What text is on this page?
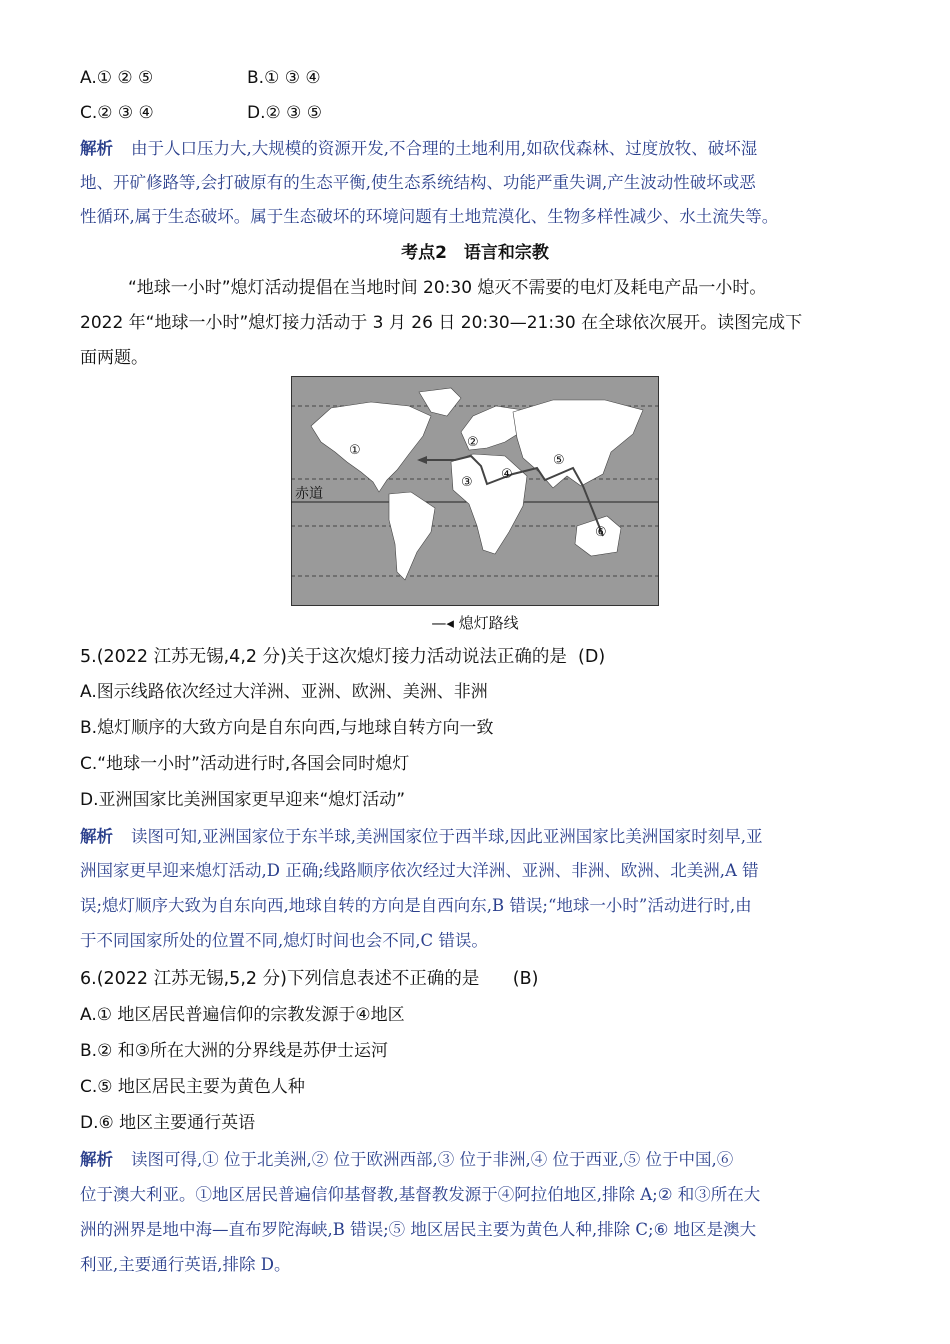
A.① ② ⑤	B.① ③ ④
C.② ③ ④	D.② ③ ⑤
解析 由于人口压力大,大规模的资源开发,不合理的土地利用,如砍伐森林、过度放牧、破坏湿
地、开矿修路等,会打破原有的生态平衡,使生态系统结构、功能严重失调,产生波动性破坏或恶
性循环,属于生态破坏。属于生态破坏的环境问题有土地荒漠化、生物多样性减少、水土流失等。
考点2　语言和宗教
“地球一小时”熄灯活动提倡在当地时间 20:30 熄灭不需要的电灯及耗电产品一小时。
2022 年“地球一小时”熄灯接力活动于 3 月 26 日 20:30—21:30 在全球依次展开。读图完成下
面两题。
①
②
③
④
⑤
⑥
赤道
—◂ 熄灯路线
5.(2022 江苏无锡,4,2 分)关于这次熄灯接力活动说法正确的是 (D)
A.图示线路依次经过大洋洲、亚洲、欧洲、美洲、非洲
B.熄灯顺序的大致方向是自东向西,与地球自转方向一致
C.“地球一小时”活动进行时,各国会同时熄灯
D.亚洲国家比美洲国家更早迎来“熄灯活动”
解析 读图可知,亚洲国家位于东半球,美洲国家位于西半球,因此亚洲国家比美洲国家时刻早,亚
洲国家更早迎来熄灯活动,D 正确;线路顺序依次经过大洋洲、亚洲、非洲、欧洲、北美洲,A 错
误;熄灯顺序大致为自东向西,地球自转的方向是自西向东,B 错误;“地球一小时”活动进行时,由
于不同国家所处的位置不同,熄灯时间也会不同,C 错误。
6.(2022 江苏无锡,5,2 分)下列信息表述不正确的是 (B)
A.① 地区居民普遍信仰的宗教发源于④地区
B.② 和③所在大洲的分界线是苏伊士运河
C.⑤ 地区居民主要为黄色人种
D.⑥ 地区主要通行英语
解析 读图可得,① 位于北美洲,② 位于欧洲西部,③ 位于非洲,④ 位于西亚,⑤ 位于中国,⑥
位于澳大利亚。①地区居民普遍信仰基督教,基督教发源于④阿拉伯地区,排除 A;② 和③所在大
洲的洲界是地中海—直布罗陀海峡,B 错误;⑤ 地区居民主要为黄色人种,排除 C;⑥ 地区是澳大
利亚,主要通行英语,排除 D。
